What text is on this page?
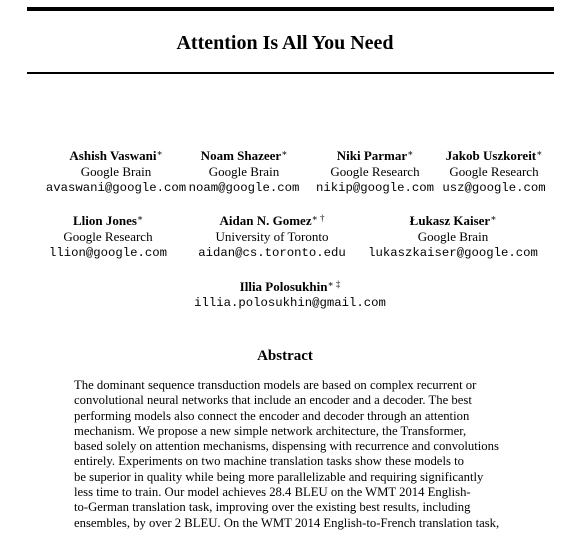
Attention Is All You Need
Ashish Vaswani∗
Google Brain
avaswani@google.com
Noam Shazeer∗
Google Brain
noam@google.com
Niki Parmar∗
Google Research
nikip@google.com
Jakob Uszkoreit∗
Google Research
usz@google.com
Llion Jones∗
Google Research
llion@google.com
Aidan N. Gomez∗ †
University of Toronto
aidan@cs.toronto.edu
Łukasz Kaiser∗
Google Brain
lukaszkaiser@google.com
Illia Polosukhin∗ ‡
illia.polosukhin@gmail.com
Abstract
The dominant sequence transduction models are based on complex recurrent or
convolutional neural networks that include an encoder and a decoder. The best
performing models also connect the encoder and decoder through an attention
mechanism. We propose a new simple network architecture, the Transformer,
based solely on attention mechanisms, dispensing with recurrence and convolutions
entirely. Experiments on two machine translation tasks show these models to
be superior in quality while being more parallelizable and requiring significantly
less time to train. Our model achieves 28.4 BLEU on the WMT 2014 English-
to-German translation task, improving over the existing best results, including
ensembles, by over 2 BLEU. On the WMT 2014 English-to-French translation task,
